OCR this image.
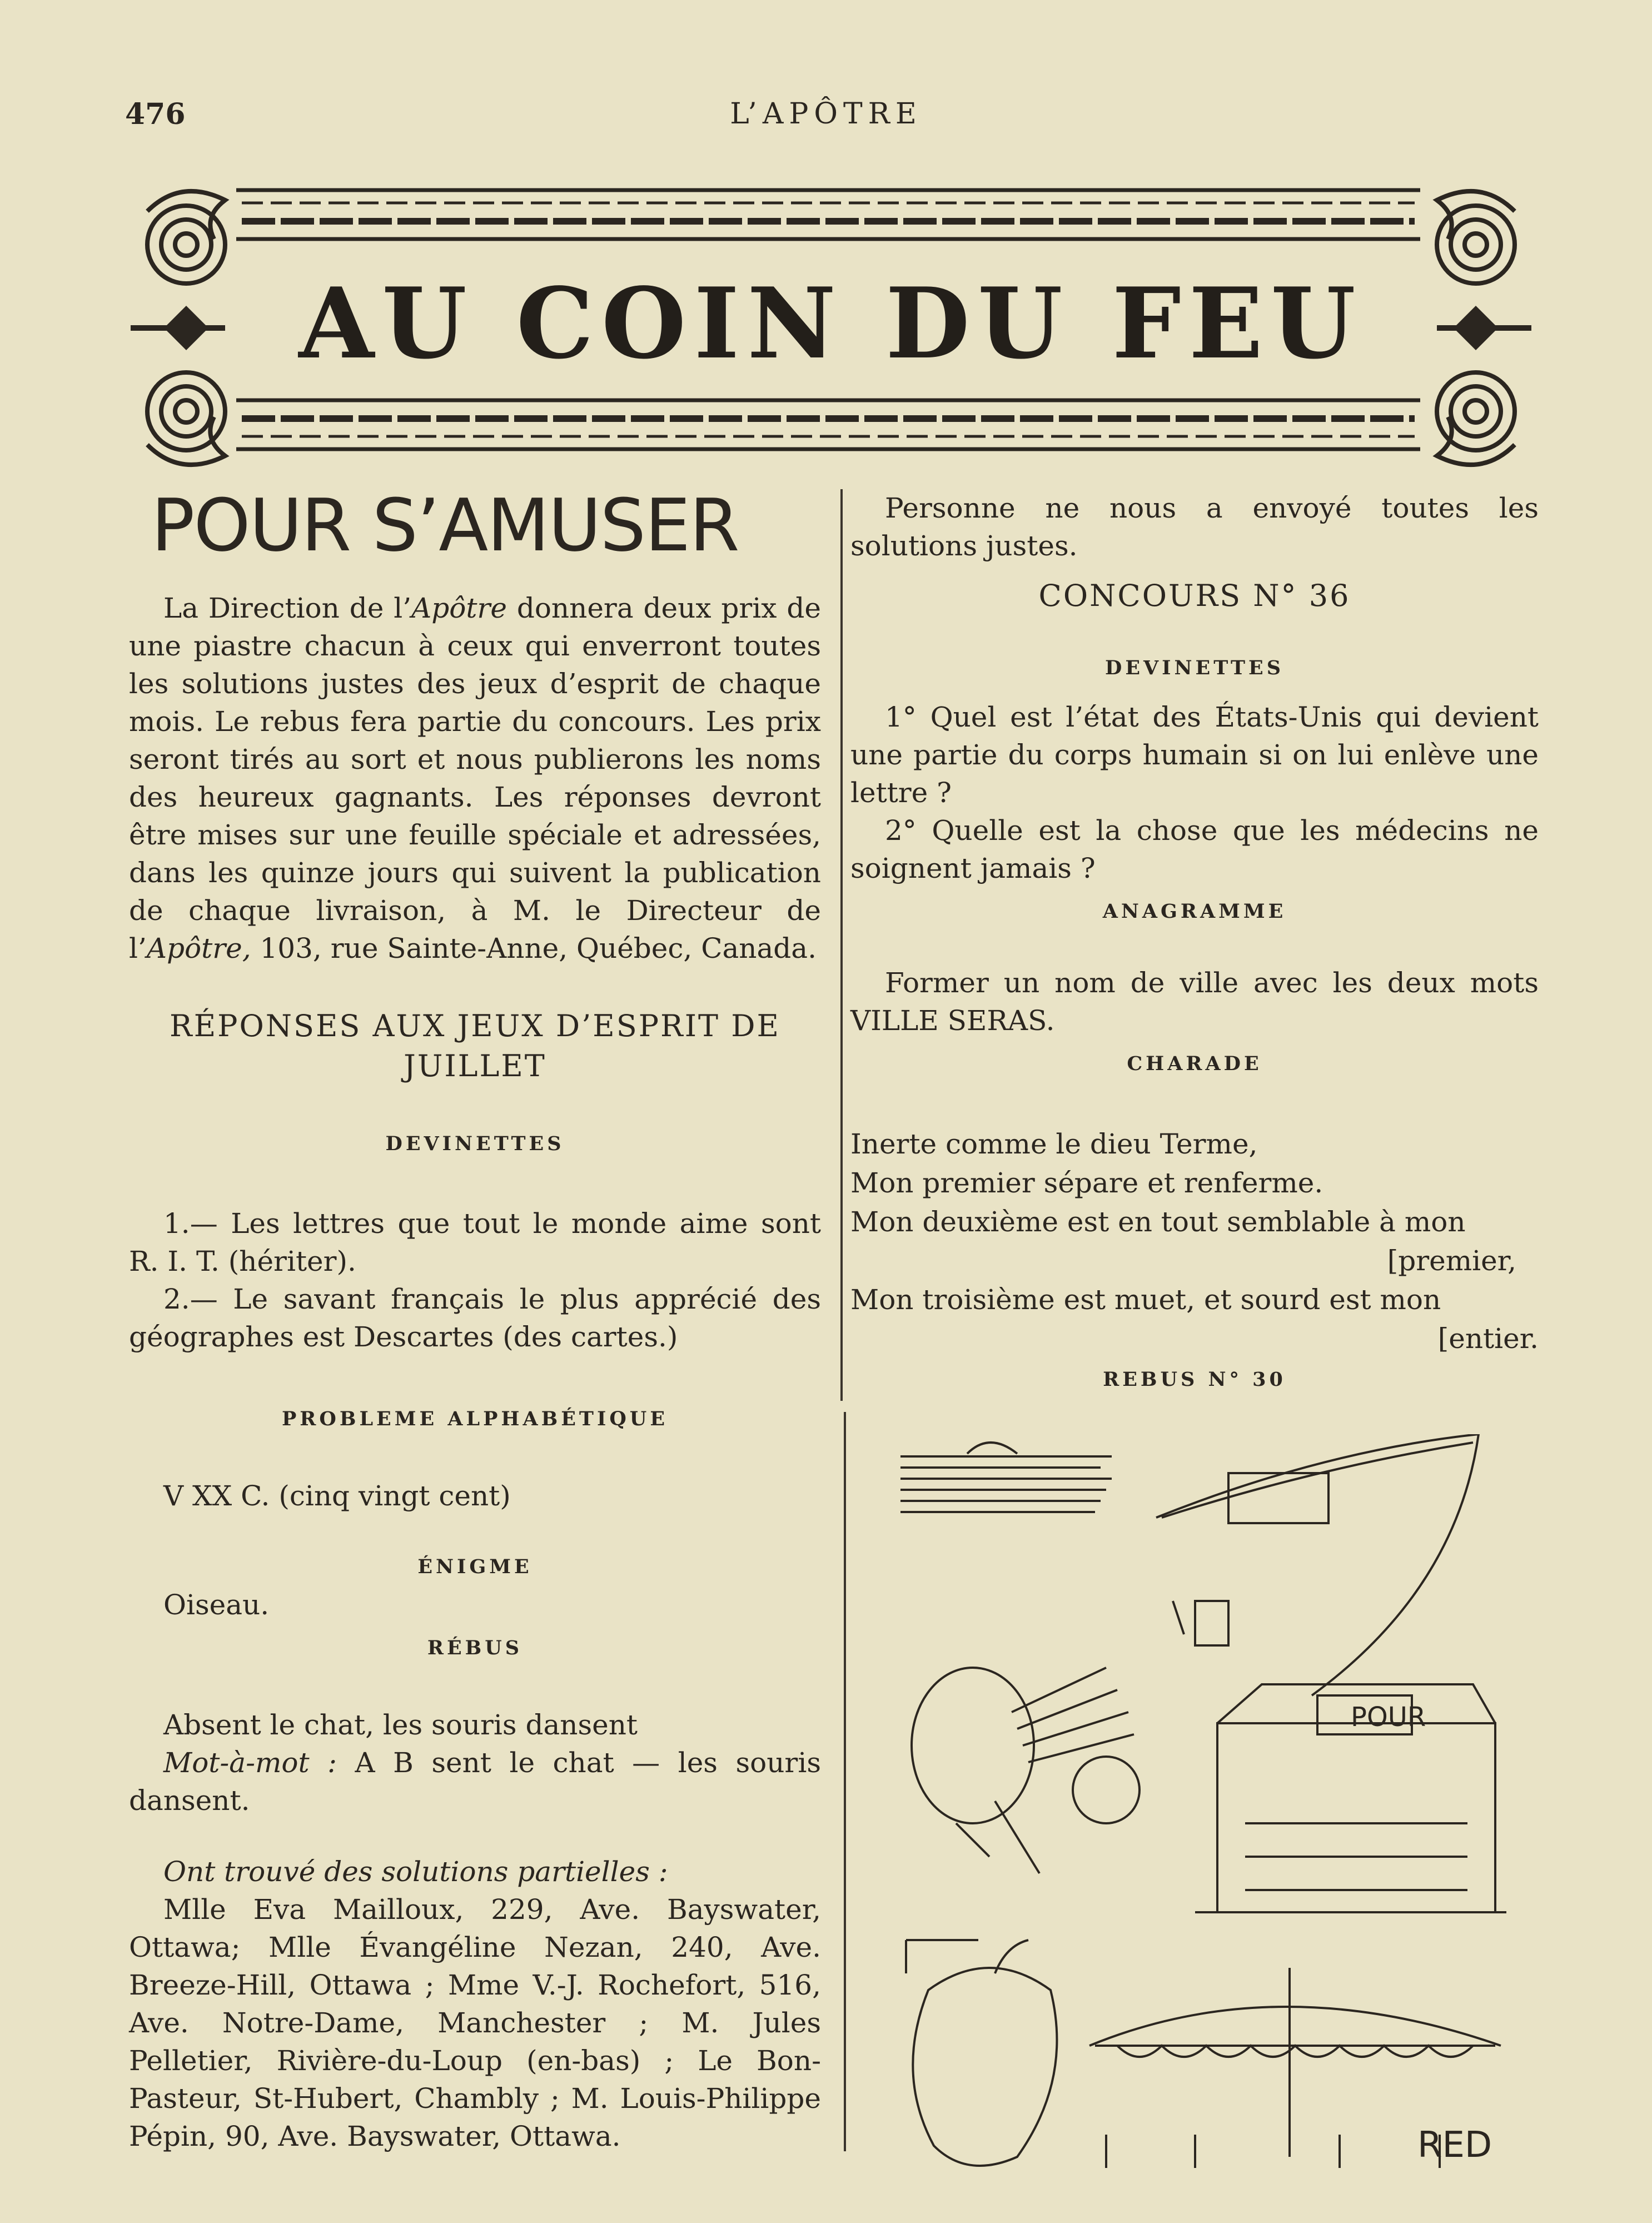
476	L’APÔTRE
AU COIN DU FEU
POUR S’AMUSER

La Direction de l’Apôtre donnera deux prix de une piastre chacun à ceux qui enverront toutes les solutions justes des jeux d’esprit de chaque mois. Le rebus fera partie du concours. Les prix seront tirés au sort et nous publierons les noms des heureux gagnants. Les réponses devront être mises sur une feuille spéciale et adressées, dans les quinze jours qui suivent la publication de chaque livraison, à M. le Directeur de l’Apôtre, 103, rue Sainte-Anne, Québec, Canada.

RÉPONSES AUX JEUX D’ESPRIT DE JUILLET

DEVINETTES

1.— Les lettres que tout le monde aime sont R. I. T. (hériter).

2.— Le savant français le plus apprécié des géographes est Descartes (des cartes.)

PROBLEME ALPHABÉTIQUE

V XX C. (cinq vingt cent)

ÉNIGME

Oiseau.

RÉBUS

Absent le chat, les souris dansent

Mot-à-mot : A B sent le chat — les souris dansent.

Ont trouvé des solutions partielles :

Mlle Eva Mailloux, 229, Ave. Bayswater, Ottawa; Mlle Évangéline Nezan, 240, Ave. Breeze-Hill, Ottawa ; Mme V.-J. Rochefort, 516, Ave. Notre-Dame, Manchester ; M. Jules Pelletier, Rivière-du-Loup (en-bas) ; Le Bon-Pasteur, St-Hubert, Chambly ; M. Louis-Philippe Pépin, 90, Ave. Bayswater, Ottawa.

Personne ne nous a envoyé toutes les solutions justes.

CONCOURS N° 36

DEVINETTES

1° Quel est l’état des États-Unis qui devient une partie du corps humain si on lui enlève une lettre ?

2° Quelle est la chose que les médecins ne soignent jamais ?

ANAGRAMME

Former un nom de ville avec les deux mots VILLE SERAS.

CHARADE

Inerte comme le dieu Terme,

Mon premier sépare et renferme.

Mon deuxième est en tout semblable à mon

[premier,

Mon troisième est muet, et sourd est mon

[entier.

REBUS N° 30

POUR
RED
